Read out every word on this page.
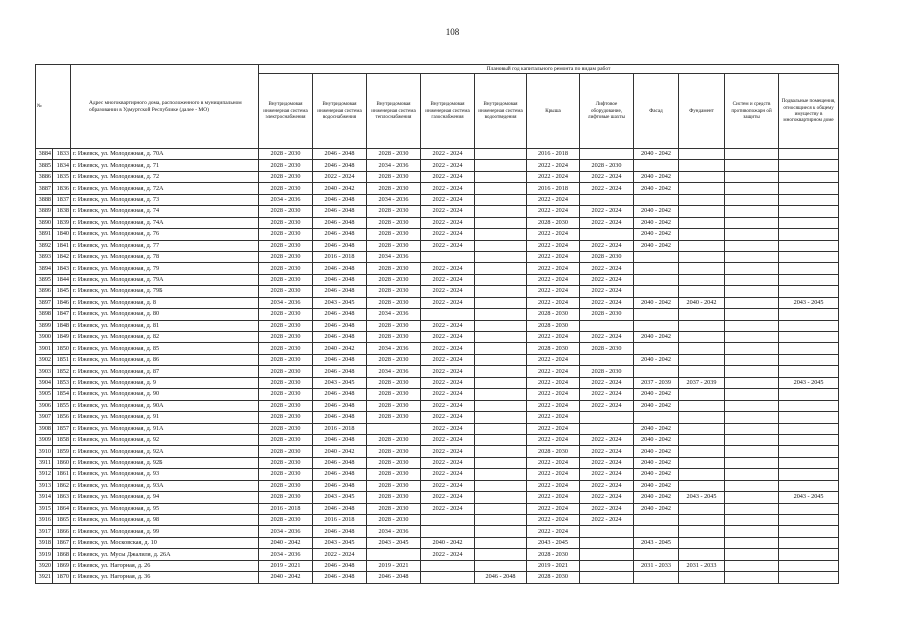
108
№		Адрес многоквартирного дома, расположенного в муниципальном образовании в Удмуртской Республике (далее - МО)	Плановый год капитального ремонта по видам работ										
			Внутридомовая инженерная система электроснабжения	Внутридомовая инженерная система водоснабжения	Внутридомовая инженерная система теплоснабжения	Внутридомовая инженерная система газоснабжения	Внутридомовая инженерная система водоотведения	Крыша	Лифтовое оборудование, лифтовые шахты	Фасад	Фундамент	Систем и средств противопожарн ой защиты	Подвальные помещения, относящиеся к общему имуществу в многоквартирном доме
3884	1833	г. Ижевск, ул. Молодежная, д. 70А	2028 - 2030	2046 - 2048	2028 - 2030	2022 - 2024		2016 - 2018		2040 - 2042			
3885	1834	г. Ижевск, ул. Молодежная, д. 71	2028 - 2030	2046 - 2048	2034 - 2036	2022 - 2024		2022 - 2024	2028 - 2030				
3886	1835	г. Ижевск, ул. Молодежная, д. 72	2028 - 2030	2022 - 2024	2028 - 2030	2022 - 2024		2022 - 2024	2022 - 2024	2040 - 2042			
3887	1836	г. Ижевск, ул. Молодежная, д. 72А	2028 - 2030	2040 - 2042	2028 - 2030	2022 - 2024		2016 - 2018	2022 - 2024	2040 - 2042			
3888	1837	г. Ижевск, ул. Молодежная, д. 73	2034 - 2036	2046 - 2048	2034 - 2036	2022 - 2024		2022 - 2024					
3889	1838	г. Ижевск, ул. Молодежная, д. 74	2028 - 2030	2046 - 2048	2028 - 2030	2022 - 2024		2022 - 2024	2022 - 2024	2040 - 2042			
3890	1839	г. Ижевск, ул. Молодежная, д. 74А	2028 - 2030	2046 - 2048	2028 - 2030	2022 - 2024		2028 - 2030	2022 - 2024	2040 - 2042			
3891	1840	г. Ижевск, ул. Молодежная, д. 76	2028 - 2030	2046 - 2048	2028 - 2030	2022 - 2024		2022 - 2024		2040 - 2042			
3892	1841	г. Ижевск, ул. Молодежная, д. 77	2028 - 2030	2046 - 2048	2028 - 2030	2022 - 2024		2022 - 2024	2022 - 2024	2040 - 2042			
3893	1842	г. Ижевск, ул. Молодежная, д. 78	2028 - 2030	2016 - 2018	2034 - 2036			2022 - 2024	2028 - 2030				
3894	1843	г. Ижевск, ул. Молодежная, д. 79	2028 - 2030	2046 - 2048	2028 - 2030	2022 - 2024		2022 - 2024	2022 - 2024				
3895	1844	г. Ижевск, ул. Молодежная, д. 79А	2028 - 2030	2046 - 2048	2028 - 2030	2022 - 2024		2022 - 2024	2022 - 2024				
3896	1845	г. Ижевск, ул. Молодежная, д. 79Б	2028 - 2030	2046 - 2048	2028 - 2030	2022 - 2024		2022 - 2024	2022 - 2024				
3897	1846	г. Ижевск, ул. Молодежная, д. 8	2034 - 2036	2043 - 2045	2028 - 2030	2022 - 2024		2022 - 2024	2022 - 2024	2040 - 2042	2040 - 2042		2043 - 2045
3898	1847	г. Ижевск, ул. Молодежная, д. 80	2028 - 2030	2046 - 2048	2034 - 2036			2028 - 2030	2028 - 2030				
3899	1848	г. Ижевск, ул. Молодежная, д. 81	2028 - 2030	2046 - 2048	2028 - 2030	2022 - 2024		2028 - 2030					
3900	1849	г. Ижевск, ул. Молодежная, д. 82	2028 - 2030	2046 - 2048	2028 - 2030	2022 - 2024		2022 - 2024	2022 - 2024	2040 - 2042			
3901	1850	г. Ижевск, ул. Молодежная, д. 85	2028 - 2030	2040 - 2042	2034 - 2036	2022 - 2024		2028 - 2030	2028 - 2030				
3902	1851	г. Ижевск, ул. Молодежная, д. 86	2028 - 2030	2046 - 2048	2028 - 2030	2022 - 2024		2022 - 2024		2040 - 2042			
3903	1852	г. Ижевск, ул. Молодежная, д. 87	2028 - 2030	2046 - 2048	2034 - 2036	2022 - 2024		2022 - 2024	2028 - 2030				
3904	1853	г. Ижевск, ул. Молодежная, д. 9	2028 - 2030	2043 - 2045	2028 - 2030	2022 - 2024		2022 - 2024	2022 - 2024	2037 - 2039	2037 - 2039		2043 - 2045
3905	1854	г. Ижевск, ул. Молодежная, д. 90	2028 - 2030	2046 - 2048	2028 - 2030	2022 - 2024		2022 - 2024	2022 - 2024	2040 - 2042			
3906	1855	г. Ижевск, ул. Молодежная, д. 90А	2028 - 2030	2046 - 2048	2028 - 2030	2022 - 2024		2022 - 2024	2022 - 2024	2040 - 2042			
3907	1856	г. Ижевск, ул. Молодежная, д. 91	2028 - 2030	2046 - 2048	2028 - 2030	2022 - 2024		2022 - 2024					
3908	1857	г. Ижевск, ул. Молодежная, д. 91А	2028 - 2030	2016 - 2018		2022 - 2024		2022 - 2024		2040 - 2042			
3909	1858	г. Ижевск, ул. Молодежная, д. 92	2028 - 2030	2046 - 2048	2028 - 2030	2022 - 2024		2022 - 2024	2022 - 2024	2040 - 2042			
3910	1859	г. Ижевск, ул. Молодежная, д. 92А	2028 - 2030	2040 - 2042	2028 - 2030	2022 - 2024		2028 - 2030	2022 - 2024	2040 - 2042			
3911	1860	г. Ижевск, ул. Молодежная, д. 92Б	2028 - 2030	2046 - 2048	2028 - 2030	2022 - 2024		2022 - 2024	2022 - 2024	2040 - 2042			
3912	1861	г. Ижевск, ул. Молодежная, д. 93	2028 - 2030	2046 - 2048	2028 - 2030	2022 - 2024		2022 - 2024	2022 - 2024	2040 - 2042			
3913	1862	г. Ижевск, ул. Молодежная, д. 93А	2028 - 2030	2046 - 2048	2028 - 2030	2022 - 2024		2022 - 2024	2022 - 2024	2040 - 2042			
3914	1863	г. Ижевск, ул. Молодежная, д. 94	2028 - 2030	2043 - 2045	2028 - 2030	2022 - 2024		2022 - 2024	2022 - 2024	2040 - 2042	2043 - 2045		2043 - 2045
3915	1864	г. Ижевск, ул. Молодежная, д. 95	2016 - 2018	2046 - 2048	2028 - 2030	2022 - 2024		2022 - 2024	2022 - 2024	2040 - 2042			
3916	1865	г. Ижевск, ул. Молодежная, д. 98	2028 - 2030	2016 - 2018	2028 - 2030			2022 - 2024	2022 - 2024				
3917	1866	г. Ижевск, ул. Молодежная, д. 99	2034 - 2036	2046 - 2048	2034 - 2036			2022 - 2024					
3918	1867	г. Ижевск, ул. Московская, д. 10	2040 - 2042	2043 - 2045	2043 - 2045	2040 - 2042		2043 - 2045		2043 - 2045			
3919	1868	г. Ижевск, ул. Мусы Джалиля, д. 26А	2034 - 2036	2022 - 2024		2022 - 2024		2028 - 2030					
3920	1869	г. Ижевск, ул. Нагорная, д. 26	2019 - 2021	2046 - 2048	2019 - 2021			2019 - 2021		2031 - 2033	2031 - 2033		
3921	1870	г. Ижевск, ул. Нагорная, д. 36	2040 - 2042	2046 - 2048	2046 - 2048		2046 - 2048	2028 - 2030					
